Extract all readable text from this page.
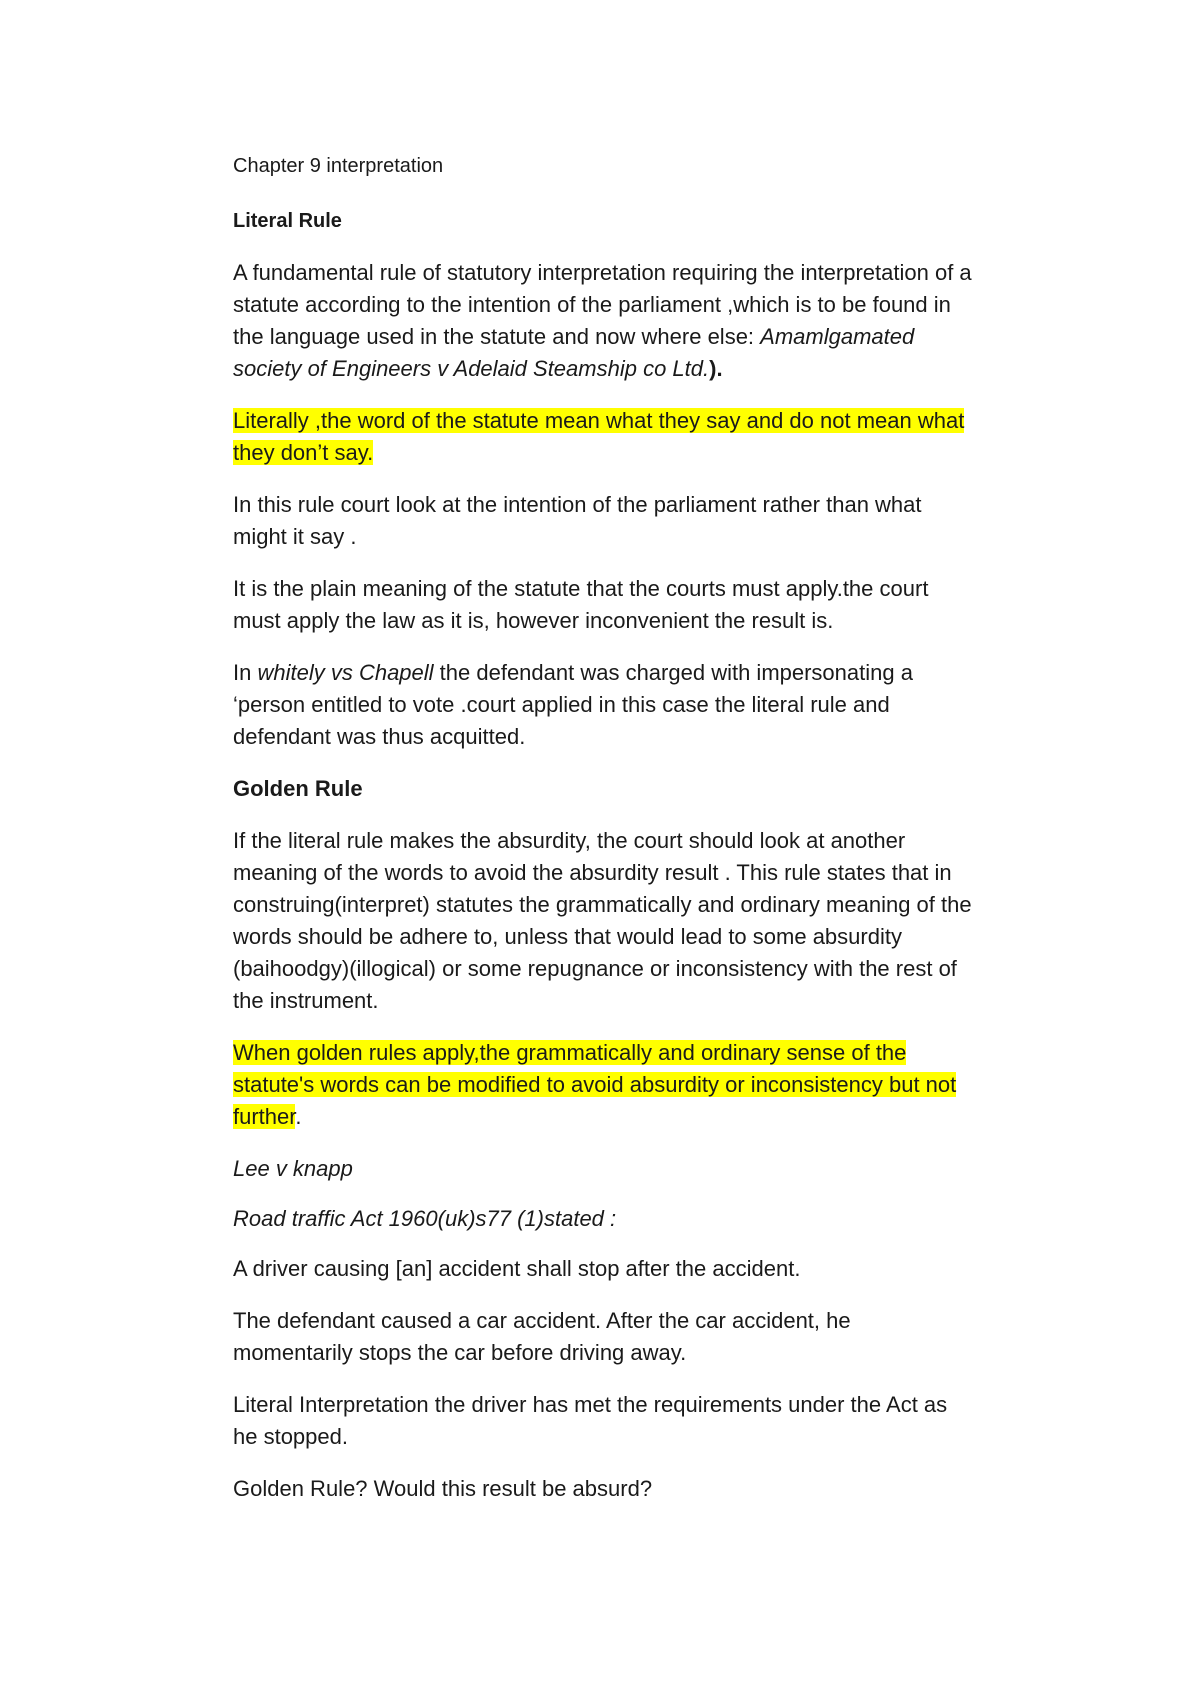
Chapter 9 interpretation
Literal Rule
A fundamental rule of statutory interpretation requiring the interpretation of a statute according to the intention of the parliament ,which is to be found in the language used in the statute and now where else: Amamlgamated society of Engineers v Adelaid Steamship co Ltd.).
Literally ,the word of the statute mean what they say and do not mean what they don’t say.
In this rule court look at the intention of the parliament rather than what might it say .
It is the plain meaning of the statute that the courts must apply.the court must apply the law as it is, however inconvenient the result is.
In whitely vs Chapell the defendant was charged with impersonating a ‘person entitled to vote .court applied in this case the literal rule and defendant was thus acquitted.
Golden Rule
If the literal rule makes the absurdity, the court should look at another meaning of the words to avoid the absurdity result . This rule states that in construing(interpret) statutes the grammatically and ordinary meaning of the words should be adhere to, unless that would lead to some absurdity (baihoodgy)(illogical) or some repugnance or inconsistency with the rest of the instrument.
When golden rules apply,the grammatically and ordinary sense of the statute's words can be modified to avoid absurdity or inconsistency but not further.
Lee v knapp
Road traffic Act 1960(uk)s77 (1)stated :
A driver causing [an] accident shall stop after the accident.
The defendant caused a car accident. After the car accident, he momentarily stops the car before driving away.
Literal Interpretation the driver has met the requirements under the Act as he stopped.
Golden Rule? Would this result be absurd?
